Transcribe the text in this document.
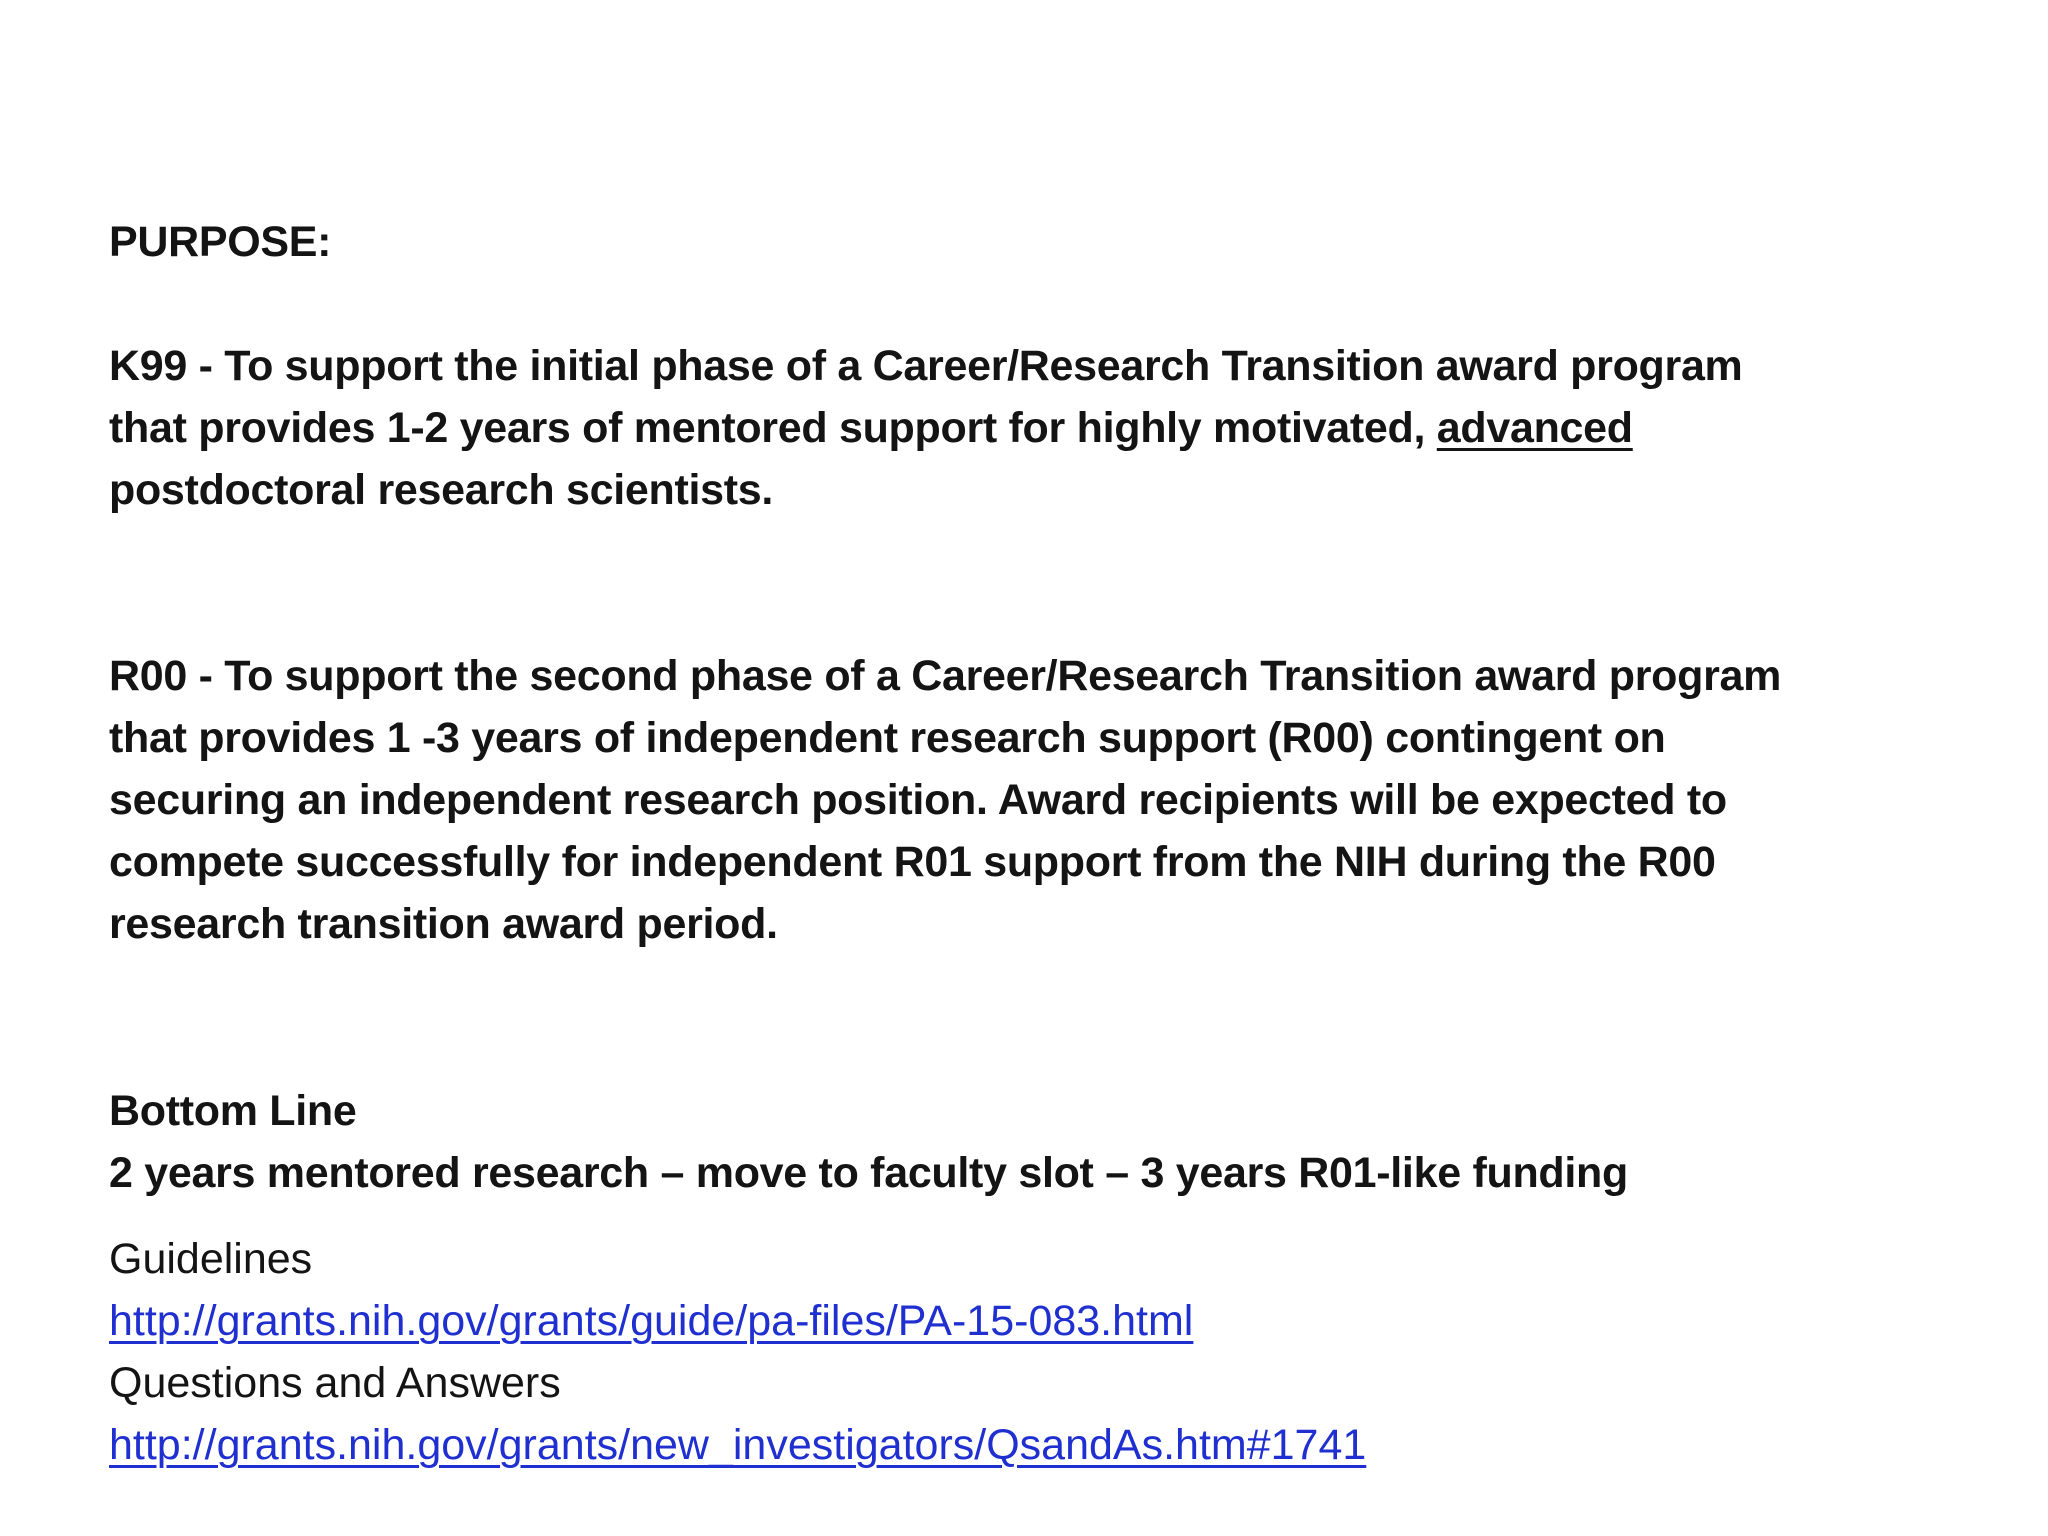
PURPOSE:
K99 - To support the initial phase of a Career/Research Transition award program
that provides 1-2 years of mentored support for highly motivated, advanced
postdoctoral research scientists.
R00 - To support the second phase of a Career/Research Transition award program
that provides 1 -3 years of independent research support (R00) contingent on
securing an independent research position. Award recipients will be expected to
compete successfully for independent R01 support from the NIH during the R00
research transition award period.
Bottom Line
2 years mentored research – move to faculty slot – 3 years R01-like funding
Guidelines
http://grants.nih.gov/grants/guide/pa-files/PA-15-083.html
Questions and Answers
http://grants.nih.gov/grants/new_investigators/QsandAs.htm#1741
